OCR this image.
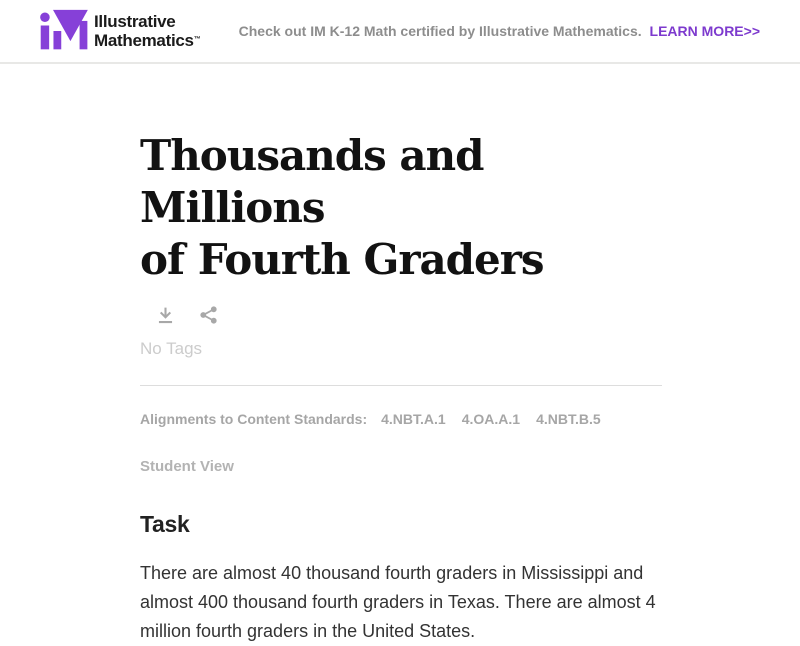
Illustrative
Mathematics™
Check out IM K-12 Math certified by Illustrative Mathematics. LEARN MORE>>
Thousands and Millions
of Fourth Graders
No Tags
Alignments to Content Standards: 4.NBT.A.1 4.OA.A.1 4.NBT.B.5
Student View
Task

There are almost 40 thousand fourth graders in Mississippi and almost 400 thousand fourth graders in Texas. There are almost 4 million fourth graders in the United States.
